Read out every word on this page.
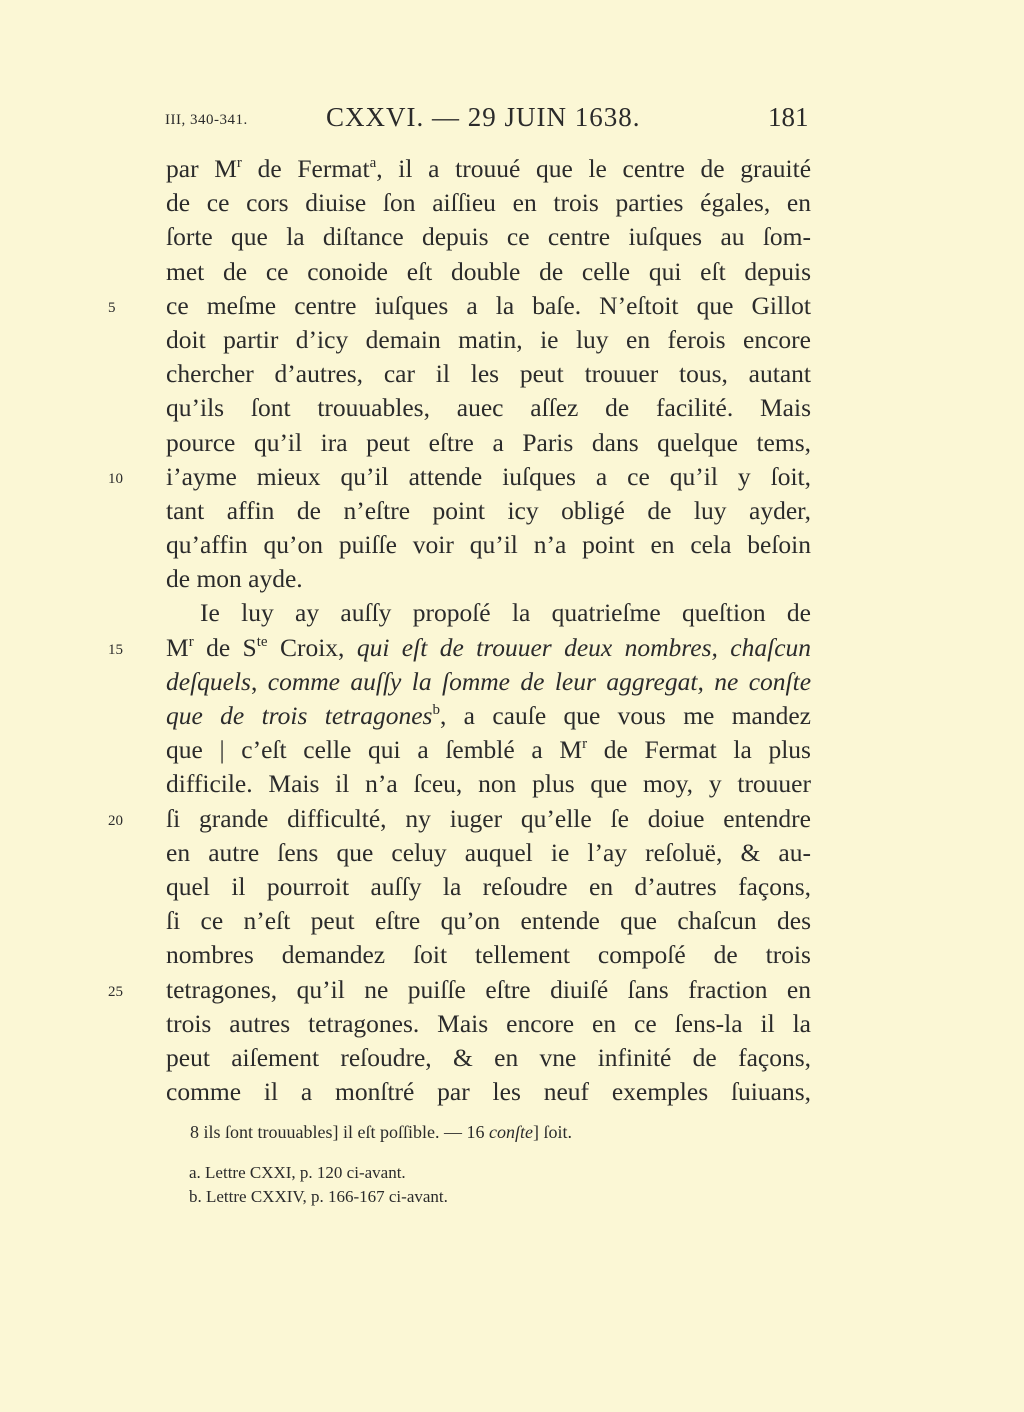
III, 340-341.	CXXVI. — 29 JUIN 1638.	181
par $M^r$ de Fermat$^a$, il a trouué que le centre de grauité
de ce cors diuise ſon aiſſieu en trois parties égales, en
ſorte que la diſtance depuis ce centre iuſques au ſom-
met de ce conoide eſt double de celle qui eſt depuis
5	ce meſme centre iuſques a la baſe. N’eſtoit que Gillot
doit partir d’icy demain matin, ie luy en ferois encore
chercher d’autres, car il les peut trouuer tous, autant
qu’ils ſont trouuables, auec aſſez de facilité. Mais
pource qu’il ira peut eſtre a Paris dans quelque tems,
10	i’ayme mieux qu’il attende iuſques a ce qu’il y ſoit,
tant affin de n’eſtre point icy obligé de luy ayder,
qu’affin qu’on puiſſe voir qu’il n’a point en cela beſoin
de mon ayde.
Ie luy ay auſſy propoſé la quatrieſme queſtion de
15	$M^r$ de $S^{te}$ Croix, qui eſt de trouuer deux nombres, chaſcun
deſquels, comme auſſy la ſomme de leur aggregat, ne conſte
que de trois tetragones$^b$, a cauſe que vous me mandez
que | c’eſt celle qui a ſemblé a $M^r$ de Fermat la plus
difficile. Mais il n’a ſceu, non plus que moy, y trouuer
20	ſi grande difficulté, ny iuger qu’elle ſe doiue entendre
en autre ſens que celuy auquel ie l’ay reſoluë, & au-
quel il pourroit auſſy la reſoudre en d’autres façons,
ſi ce n’eſt peut eſtre qu’on entende que chaſcun des
nombres demandez ſoit tellement compoſé de trois
25	tetragones, qu’il ne puiſſe eſtre diuiſé ſans fraction en
trois autres tetragones. Mais encore en ce ſens-la il la
peut aiſement reſoudre, & en vne infinité de façons,
comme il a monſtré par les neuf exemples ſuiuans,
8 ils ſont trouuables] il eſt poſſible. — 16 conſte] ſoit.
a. Lettre CXXI, p. 120 ci-avant.
b. Lettre CXXIV, p. 166-167 ci-avant.
